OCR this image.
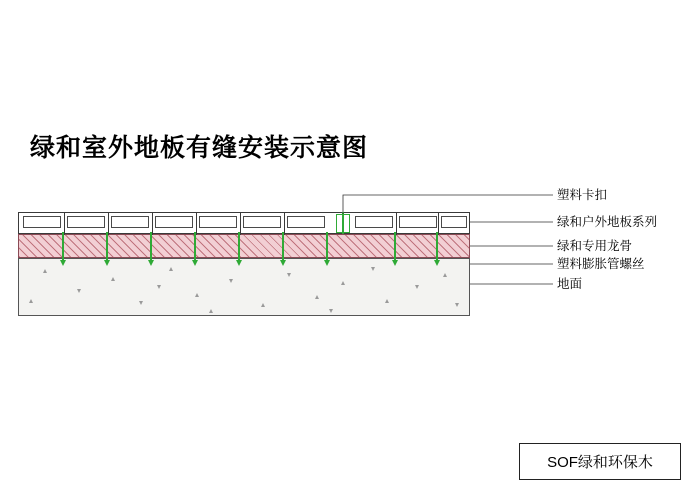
绿和室外地板有缝安装示意图
塑料卡扣
绿和户外地板系列
绿和专用龙骨
塑料膨胀管螺丝
地面
SOF绿和环保木
